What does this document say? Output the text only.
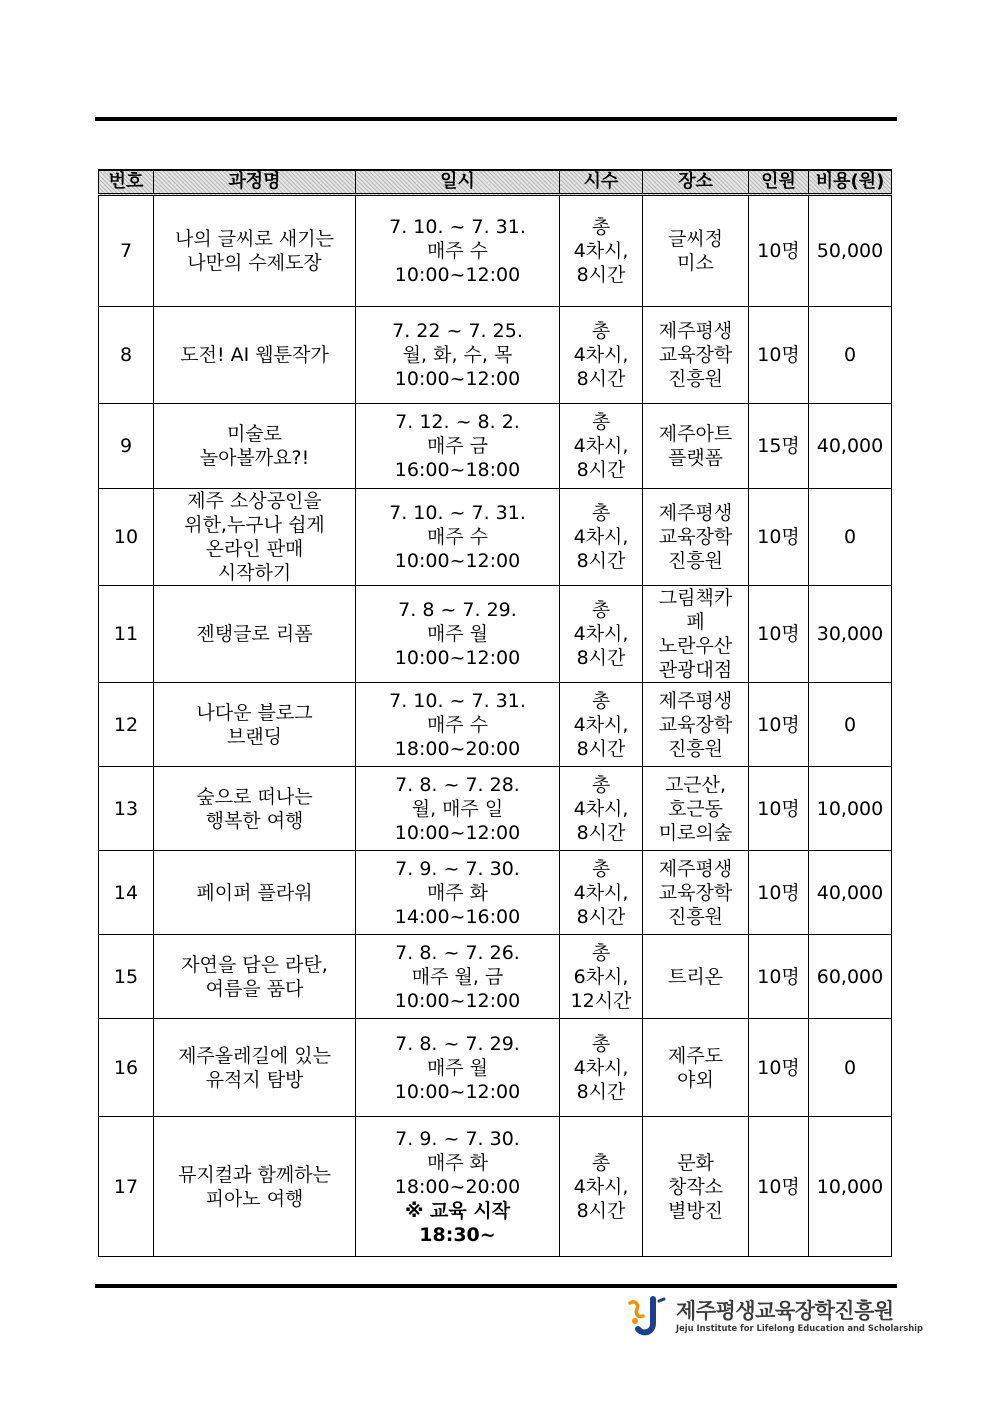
번호	과정명	일시	시수	장소	인원	비용(원)
7	나의 글씨로 새기는
나만의 수제도장	7. 10. ~ 7. 31.
매주 수
10:00~12:00	총
4차시,
8시간	글씨정
미소	10명	50,000
8	도전! AI 웹툰작가	7. 22 ~ 7. 25.
월, 화, 수, 목
10:00~12:00	총
4차시,
8시간	제주평생
교육장학
진흥원	10명	0
9	미술로
놀아볼까요?!	7. 12. ~ 8. 2.
매주 금
16:00~18:00	총
4차시,
8시간	제주아트
플랫폼	15명	40,000
10	제주 소상공인을
위한,누구나 쉽게
온라인 판매
시작하기	7. 10. ~ 7. 31.
매주 수
10:00~12:00	총
4차시,
8시간	제주평생
교육장학
진흥원	10명	0
11	젠탱글로 리폼	7. 8 ~ 7. 29.
매주 월
10:00~12:00	총
4차시,
8시간	그림책카
페
노란우산
관광대점	10명	30,000
12	나다운 블로그
브랜딩	7. 10. ~ 7. 31.
매주 수
18:00~20:00	총
4차시,
8시간	제주평생
교육장학
진흥원	10명	0
13	숲으로 떠나는
행복한 여행	7. 8. ~ 7. 28.
월, 매주 일
10:00~12:00	총
4차시,
8시간	고근산,
호근동
미로의숲	10명	10,000
14	페이퍼 플라워	7. 9. ~ 7. 30.
매주 화
14:00~16:00	총
4차시,
8시간	제주평생
교육장학
진흥원	10명	40,000
15	자연을 담은 라탄,
여름을 품다	7. 8. ~ 7. 26.
매주 월, 금
10:00~12:00	총
6차시,
12시간	트리온	10명	60,000
16	제주올레길에 있는
유적지 탐방	7. 8. ~ 7. 29.
매주 월
10:00~12:00	총
4차시,
8시간	제주도
야외	10명	0
17	뮤지컬과 함께하는
피아노 여행	7. 9. ~ 7. 30.
매주 화
18:00~20:00
※ 교육 시작
18:30~	총
4차시,
8시간	문화
창작소
별방진	10명	10,000
제주평생교육장학진흥원
Jeju Institute for Lifelong Education and Scholarship
